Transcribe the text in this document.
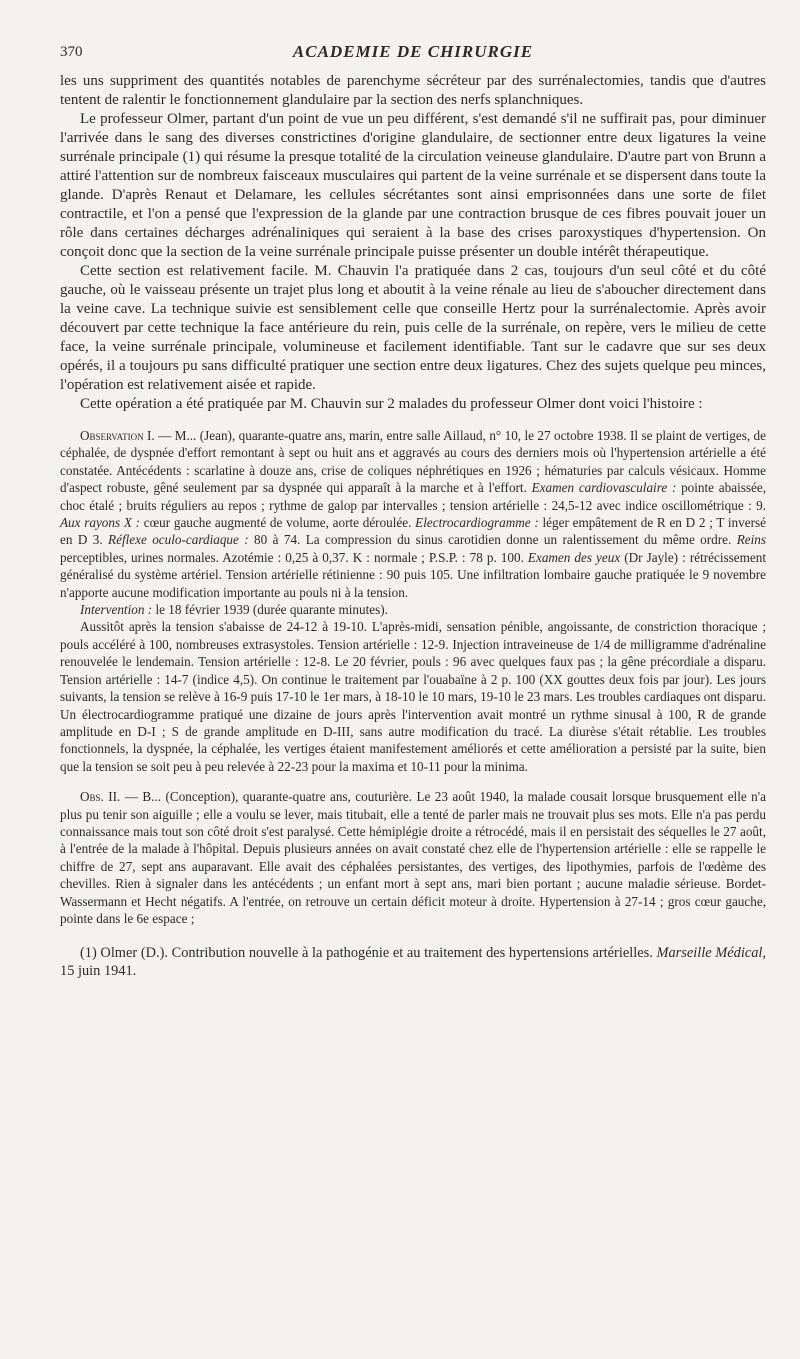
370	ACADEMIE DE CHIRURGIE

les uns suppriment des quantités notables de parenchyme sécréteur par des surrénalectomies, tandis que d'autres tentent de ralentir le fonctionnement glandulaire par la section des nerfs splanchniques.

Le professeur Olmer, partant d'un point de vue un peu différent, s'est demandé s'il ne suffirait pas, pour diminuer l'arrivée dans le sang des diverses constrictines d'origine glandulaire, de sectionner entre deux ligatures la veine surrénale principale (1) qui résume la presque totalité de la circulation veineuse glandulaire. D'autre part von Brunn a attiré l'attention sur de nombreux faisceaux musculaires qui partent de la veine surrénale et se dispersent dans toute la glande. D'après Renaut et Delamare, les cellules sécrétantes sont ainsi emprisonnées dans une sorte de filet contractile, et l'on a pensé que l'expression de la glande par une contraction brusque de ces fibres pouvait jouer un rôle dans certaines décharges adrénaliniques qui seraient à la base des crises paroxystiques d'hypertension. On conçoit donc que la section de la veine surrénale principale puisse présenter un double intérêt thérapeutique.

Cette section est relativement facile. M. Chauvin l'a pratiquée dans 2 cas, toujours d'un seul côté et du côté gauche, où le vaisseau présente un trajet plus long et aboutit à la veine rénale au lieu de s'aboucher directement dans la veine cave. La technique suivie est sensiblement celle que conseille Hertz pour la surrénalectomie. Après avoir découvert par cette technique la face antérieure du rein, puis celle de la surrénale, on repère, vers le milieu de cette face, la veine surrénale principale, volumineuse et facilement identifiable. Tant sur le cadavre que sur ses deux opérés, il a toujours pu sans difficulté pratiquer une section entre deux ligatures. Chez des sujets quelque peu minces, l'opération est relativement aisée et rapide.

Cette opération a été pratiquée par M. Chauvin sur 2 malades du professeur Olmer dont voici l'histoire :

Observation I. — M... (Jean), quarante-quatre ans, marin, entre salle Aillaud, n° 10, le 27 octobre 1938. Il se plaint de vertiges, de céphalée, de dyspnée d'effort remontant à sept ou huit ans et aggravés au cours des derniers mois où l'hypertension artérielle a été constatée. Antécédents : scarlatine à douze ans, crise de coliques néphrétiques en 1926 ; hématuries par calculs vésicaux. Homme d'aspect robuste, gêné seulement par sa dyspnée qui apparaît à la marche et à l'effort. Examen cardiovasculaire : pointe abaissée, choc étalé ; bruits réguliers au repos ; rythme de galop par intervalles ; tension artérielle : 24,5-12 avec indice oscillométrique : 9. Aux rayons X : cœur gauche augmenté de volume, aorte déroulée. Electrocardiogramme : léger empâtement de R en D 2 ; T inversé en D 3. Réflexe oculo-cardiaque : 80 à 74. La compression du sinus carotidien donne un ralentissement du même ordre. Reins perceptibles, urines normales. Azotémie : 0,25 à 0,37. K : normale ; P.S.P. : 78 p. 100. Examen des yeux (Dr Jayle) : rétrécissement généralisé du système artériel. Tension artérielle rétinienne : 90 puis 105. Une infiltration lombaire gauche pratiquée le 9 novembre n'apporte aucune modification importante au pouls ni à la tension.

Intervention : le 18 février 1939 (durée quarante minutes).

Aussitôt après la tension s'abaisse de 24-12 à 19-10. L'après-midi, sensation pénible, angoissante, de constriction thoracique ; pouls accéléré à 100, nombreuses extrasystoles. Tension artérielle : 12-9. Injection intraveineuse de 1/4 de milligramme d'adrénaline renouvelée le lendemain. Tension artérielle : 12-8. Le 20 février, pouls : 96 avec quelques faux pas ; la gêne précordiale a disparu. Tension artérielle : 14-7 (indice 4,5). On continue le traitement par l'ouabaïne à 2 p. 100 (XX gouttes deux fois par jour). Les jours suivants, la tension se relève à 16-9 puis 17-10 le 1er mars, à 18-10 le 10 mars, 19-10 le 23 mars. Les troubles cardiaques ont disparu. Un électrocardiogramme pratiqué une dizaine de jours après l'intervention avait montré un rythme sinusal à 100, R de grande amplitude en D-I ; S de grande amplitude en D-III, sans autre modification du tracé. La diurèse s'était rétablie. Les troubles fonctionnels, la dyspnée, la céphalée, les vertiges étaient manifestement améliorés et cette amélioration a persisté par la suite, bien que la tension se soit peu à peu relevée à 22-23 pour la maxima et 10-11 pour la minima.

Obs. II. — B... (Conception), quarante-quatre ans, couturière. Le 23 août 1940, la malade cousait lorsque brusquement elle n'a plus pu tenir son aiguille ; elle a voulu se lever, mais titubait, elle a tenté de parler mais ne trouvait plus ses mots. Elle n'a pas perdu connaissance mais tout son côté droit s'est paralysé. Cette hémiplégie droite a rétrocédé, mais il en persistait des séquelles le 27 août, à l'entrée de la malade à l'hôpital. Depuis plusieurs années on avait constaté chez elle de l'hypertension artérielle : elle se rappelle le chiffre de 27, sept ans auparavant. Elle avait des céphalées persistantes, des vertiges, des lipothymies, parfois de l'œdème des chevilles. Rien à signaler dans les antécédents ; un enfant mort à sept ans, mari bien portant ; aucune maladie sérieuse. Bordet-Wassermann et Hecht négatifs. A l'entrée, on retrouve un certain déficit moteur à droite. Hypertension à 27-14 ; gros cœur gauche, pointe dans le 6e espace ;

(1) Olmer (D.). Contribution nouvelle à la pathogénie et au traitement des hypertensions artérielles. Marseille Médical, 15 juin 1941.
